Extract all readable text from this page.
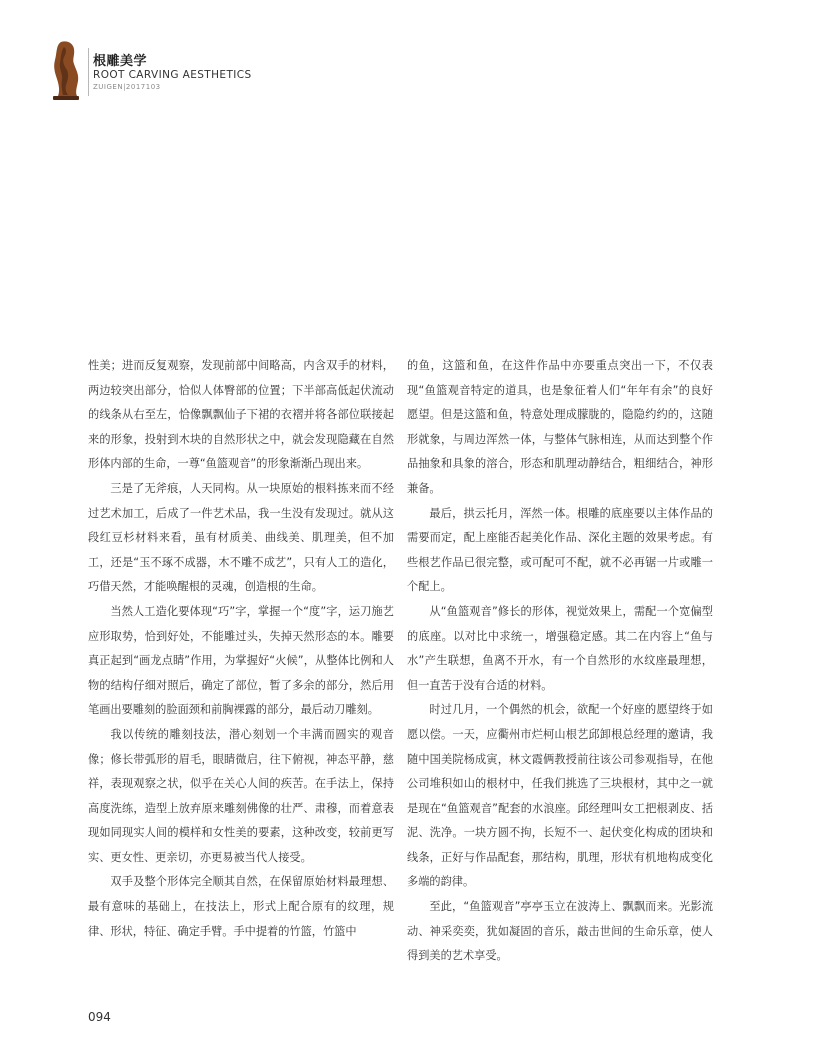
根雕美学
ROOT CARVING AESTHETICS
ZUIGEN|2017103

性美；进而反复观察，发现前部中间略高，内含双手的材料，两边较突出部分，恰似人体臀部的位置；下半部高低起伏流动的线条从右至左，恰像飘飘仙子下裙的衣褶并将各部位联接起来的形象，投射到木块的自然形状之中，就会发现隐藏在自然形体内部的生命，一尊“鱼篮观音”的形象渐渐凸现出来。

三是了无斧痕，人天同构。从一块原始的根料拣来而不经过艺术加工，后成了一件艺术品，我一生没有发现过。就从这段红豆杉材料来看，虽有材质美、曲线美、肌理美，但不加工，还是“玉不琢不成器，木不雕不成艺”，只有人工的造化，巧借天然，才能唤醒根的灵魂，创造根的生命。

当然人工造化要体现“巧”字，掌握一个“度”字，运刀施艺应形取势，恰到好处，不能雕过头，失掉天然形态的本。雕要真正起到“画龙点睛”作用，为掌握好“火候”，从整体比例和人物的结构仔细对照后，确定了部位，暂了多余的部分，然后用笔画出要雕刻的脸面颈和前胸裸露的部分，最后动刀雕刻。

我以传统的雕刻技法，潜心刻划一个丰满而圆实的观音像；修长带弧形的眉毛，眼睛微启，往下俯视，神态平静，慈祥，表现观察之状，似乎在关心人间的疾苦。在手法上，保持高度洗练，造型上放弃原来雕刻佛像的壮严、肃穆，而着意表现如同现实人间的模样和女性美的要素，这种改变，较前更写实、更女性、更亲切，亦更易被当代人接受。

双手及整个形体完全顺其自然，在保留原始材料最理想、最有意味的基础上，在技法上，形式上配合原有的纹理，规律、形状，特征、确定手臂。手中提着的竹篮，竹篮中

的鱼，这篮和鱼，在这件作品中亦要重点突出一下，不仅表现“鱼篮观音特定的道具，也是象征着人们“年年有余”的良好愿望。但是这篮和鱼，特意处理成朦胧的，隐隐约约的，这随形就象，与周边浑然一体，与整体气脉相连，从而达到整个作品抽象和具象的溶合，形态和肌理动静结合，粗细结合，神形兼备。

最后，拱云托月，浑然一体。根雕的底座要以主体作品的需要而定，配上座能否起美化作品、深化主题的效果考虑。有些根艺作品已很完整，或可配可不配，就不必再锯一片或雕一个配上。

从“鱼篮观音”修长的形体，视觉效果上，需配一个宽偏型的底座。以对比中求统一，增强稳定感。其二在内容上“鱼与水”产生联想，鱼离不开水，有一个自然形的水纹座最理想，但一直苦于没有合适的材料。

时过几月，一个偶然的机会，欲配一个好座的愿望终于如愿以偿。一天，应衢州市烂柯山根艺邱卸根总经理的邀请，我随中国美院杨成寅，林文霞俩教授前往该公司参观指导，在他公司堆积如山的根材中，任我们挑选了三块根材，其中之一就是现在“鱼篮观音”配套的水浪座。邱经理叫女工把根剥皮、括泥、洗净。一块方圆不拘，长短不一、起伏变化构成的团块和线条，正好与作品配套，那结构，肌理，形状有机地构成变化多端的韵律。

至此，“鱼篮观音”亭亭玉立在波涛上、飘飘而来。光影流动、神采奕奕，犹如凝固的音乐，敲击世间的生命乐章，使人得到美的艺术享受。

094
